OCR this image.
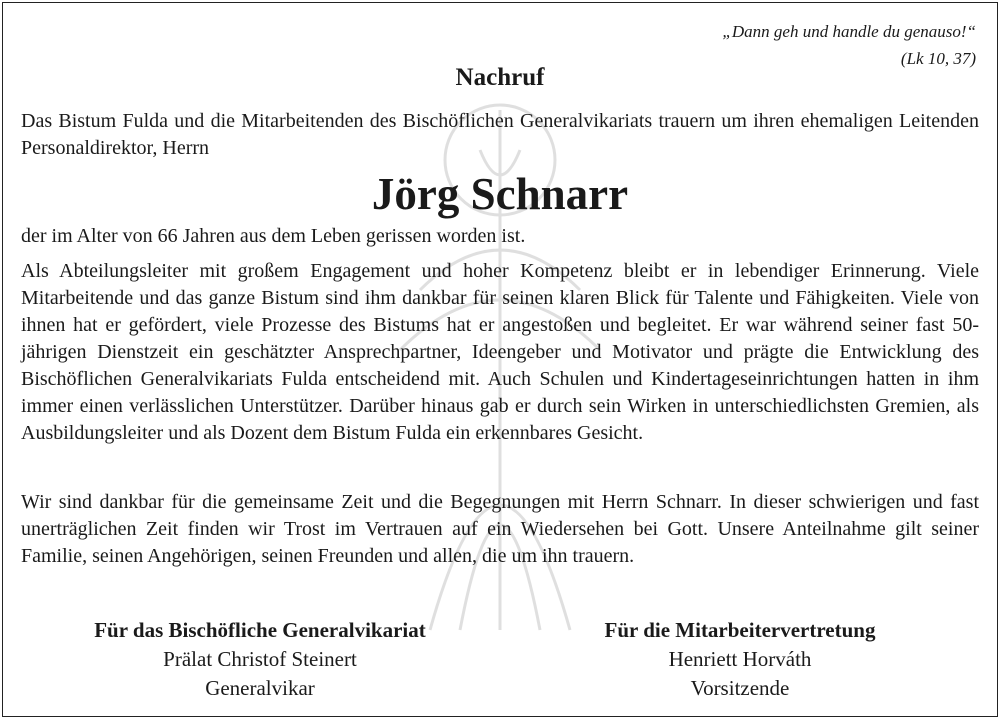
„Dann geh und handle du genauso!“
(Lk 10, 37)
Nachruf

Das Bistum Fulda und die Mitarbeitenden des Bischöflichen Generalvikariats trauern um ihren ehemaligen Leitenden Personaldirektor, Herrn

Jörg Schnarr

der im Alter von 66 Jahren aus dem Leben gerissen worden ist.

Als Abteilungsleiter mit großem Engagement und hoher Kompetenz bleibt er in lebendiger Erinnerung. Viele Mitarbeitende und das ganze Bistum sind ihm dankbar für seinen klaren Blick für Talente und Fähigkeiten. Viele von ihnen hat er gefördert, viele Prozesse des Bistums hat er angestoßen und begleitet. Er war während seiner fast 50-jährigen Dienstzeit ein geschätzter Ansprechpartner, Ideengeber und Motivator und prägte die Entwicklung des Bischöflichen Generalvikariats Fulda entscheidend mit. Auch Schulen und Kindertageseinrichtungen hatten in ihm immer einen verlässlichen Unterstützer. Darüber hinaus gab er durch sein Wirken in unterschiedlichsten Gremien, als Ausbildungsleiter und als Dozent dem Bistum Fulda ein erkennbares Gesicht.

Wir sind dankbar für die gemeinsame Zeit und die Begegnungen mit Herrn Schnarr. In dieser schwierigen und fast unerträglichen Zeit finden wir Trost im Vertrauen auf ein Wiedersehen bei Gott. Unsere Anteilnahme gilt seiner Familie, seinen Angehörigen, seinen Freunden und allen, die um ihn trauern.

Für das Bischöfliche Generalvikariat
Prälat Christof Steinert
Generalvikar
Für die Mitarbeitervertretung
Henriett Horváth
Vorsitzende
